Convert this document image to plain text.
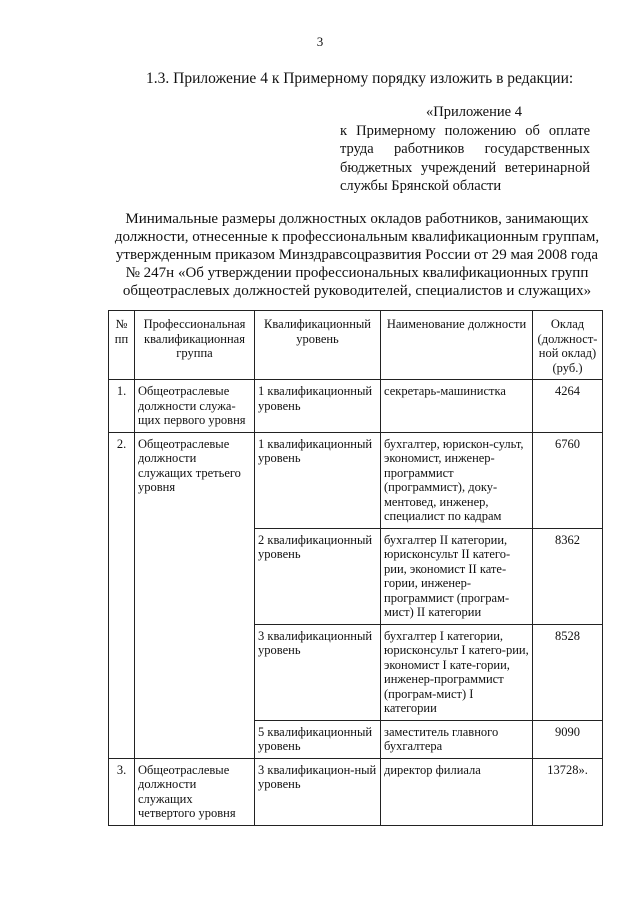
3
1.3. Приложение 4 к Примерному порядку изложить в редакции:
«Приложение 4
к Примерному положению об оплате
труда работников государственных
бюджетных учреждений ветеринарной
службы Брянской области
Минимальные размеры должностных окладов работников, занимающих
должности, отнесенные к профессиональным квалификационным группам,
утвержденным приказом Минздравсоцразвития России от 29 мая 2008 года
№ 247н «Об утверждении профессиональных квалификационных групп
общеотраслевых должностей руководителей, специалистов и служащих»
№ пп	Профессиональная квалификационная группа	Квалификационный уровень	Наименование должности	Оклад (должност-ной оклад) (руб.)
1.	Общеотраслевые должности служа-щих первого уровня	1 квалификационный уровень	секретарь-машинистка	4264
2.	Общеотраслевые должности служащих третьего уровня	1 квалификационный уровень	бухгалтер, юрискон-сульт, экономист, инженер-программист (программист), доку-ментовед, инженер, специалист по кадрам	6760
		2 квалификационный уровень	бухгалтер II категории, юрисконсульт II катего-рии, экономист II кате-гории, инженер-программист (програм-мист) II категории	8362
		3 квалификационный уровень	бухгалтер I категории, юрисконсульт I катего-рии, экономист I кате-гории, инженер-программист (програм-мист) I категории	8528
		5 квалификационный уровень	заместитель главного бухгалтера	9090
3.	Общеотраслевые должности служащих четвертого уровня	3 квалификацион-ный уровень	директор филиала	13728».
